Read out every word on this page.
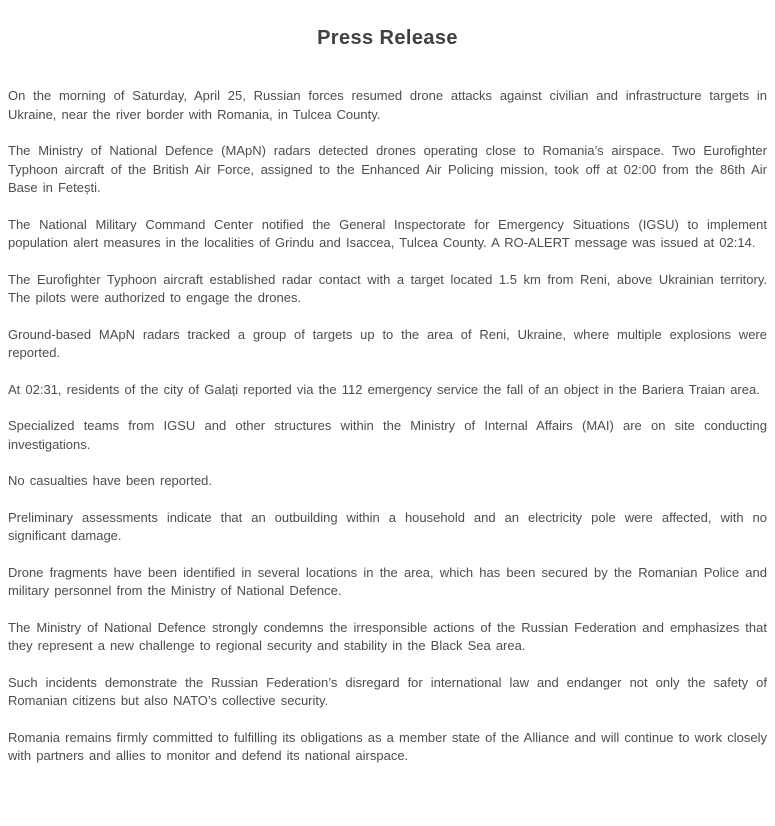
Press Release

On the morning of Saturday, April 25, Russian forces resumed drone attacks against civilian and infrastructure targets in Ukraine, near the river border with Romania, in Tulcea County.

The Ministry of National Defence (MApN) radars detected drones operating close to Romania’s airspace. Two Eurofighter Typhoon aircraft of the British Air Force, assigned to the Enhanced Air Policing mission, took off at 02:00 from the 86th Air Base in Fetești.

The National Military Command Center notified the General Inspectorate for Emergency Situations (IGSU) to implement population alert measures in the localities of Grindu and Isaccea, Tulcea County. A RO-ALERT message was issued at 02:14.

The Eurofighter Typhoon aircraft established radar contact with a target located 1.5 km from Reni, above Ukrainian territory. The pilots were authorized to engage the drones.

Ground-based MApN radars tracked a group of targets up to the area of Reni, Ukraine, where multiple explosions were reported.

At 02:31, residents of the city of Galați reported via the 112 emergency service the fall of an object in the Bariera Traian area.

Specialized teams from IGSU and other structures within the Ministry of Internal Affairs (MAI) are on site conducting investigations.

No casualties have been reported.

Preliminary assessments indicate that an outbuilding within a household and an electricity pole were affected, with no significant damage.

Drone fragments have been identified in several locations in the area, which has been secured by the Romanian Police and military personnel from the Ministry of National Defence.

The Ministry of National Defence strongly condemns the irresponsible actions of the Russian Federation and emphasizes that they represent a new challenge to regional security and stability in the Black Sea area.

Such incidents demonstrate the Russian Federation’s disregard for international law and endanger not only the safety of Romanian citizens but also NATO’s collective security.

Romania remains firmly committed to fulfilling its obligations as a member state of the Alliance and will continue to work closely with partners and allies to monitor and defend its national airspace.
